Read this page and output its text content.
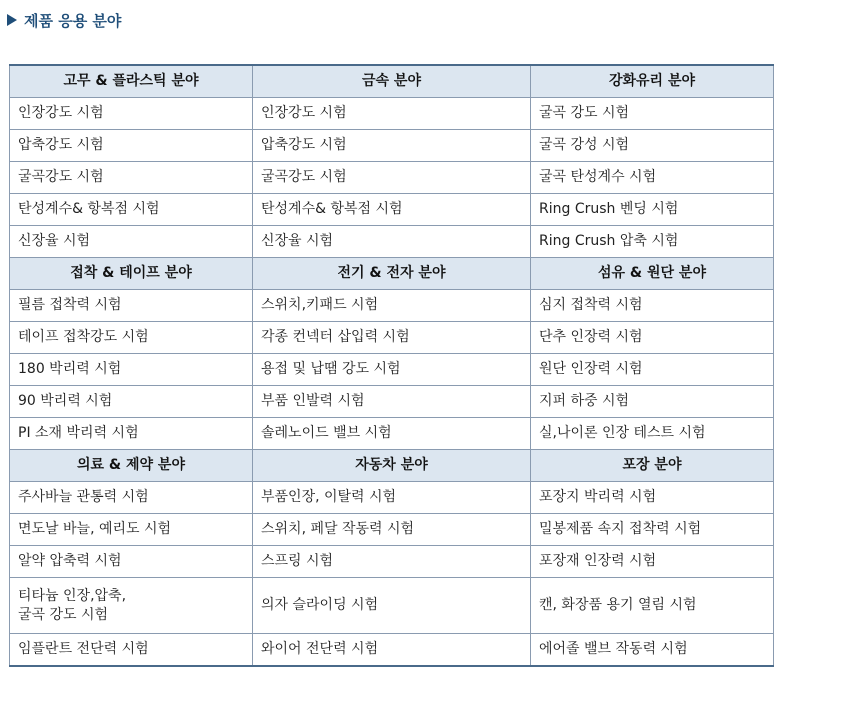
제품 응용 분야
고무 & 플라스틱 분야	금속 분야	강화유리 분야
인장강도 시험	인장강도 시험	굴곡 강도 시험
압축강도 시험	압축강도 시험	굴곡 강성 시험
굴곡강도 시험	굴곡강도 시험	굴곡 탄성계수 시험
탄성계수& 항복점 시험	탄성계수& 항복점 시험	Ring Crush 벤딩 시험
신장율 시험	신장율 시험	Ring Crush 압축 시험
접착 & 테이프 분야	전기 & 전자 분야	섬유 & 원단 분야
필름 접착력 시험	스위치,키패드 시험	심지 접착력 시험
테이프 접착강도 시험	각종 컨넥터 삽입력 시험	단추 인장력 시험
180 박리력 시험	용접 및 납땜 강도 시험	원단 인장력 시험
90 박리력 시험	부품 인발력 시험	지퍼 하중 시험
PI 소재 박리력 시험	솔레노이드 밸브 시험	실,나이론 인장 테스트 시험
의료 & 제약 분야	자동차 분야	포장 분야
주사바늘 관통력 시험	부품인장, 이탈력 시험	포장지 박리력 시험
면도날 바늘, 예리도 시험	스위치, 페달 작동력 시험	밀봉제품 속지 접착력 시험
알약 압축력 시험	스프링 시험	포장재 인장력 시험
티타늄 인장,압축,
굴곡 강도 시험	의자 슬라이딩 시험	캔, 화장품 용기 열림 시험
임플란트 전단력 시험	와이어 전단력 시험	에어졸 밸브 작동력 시험
